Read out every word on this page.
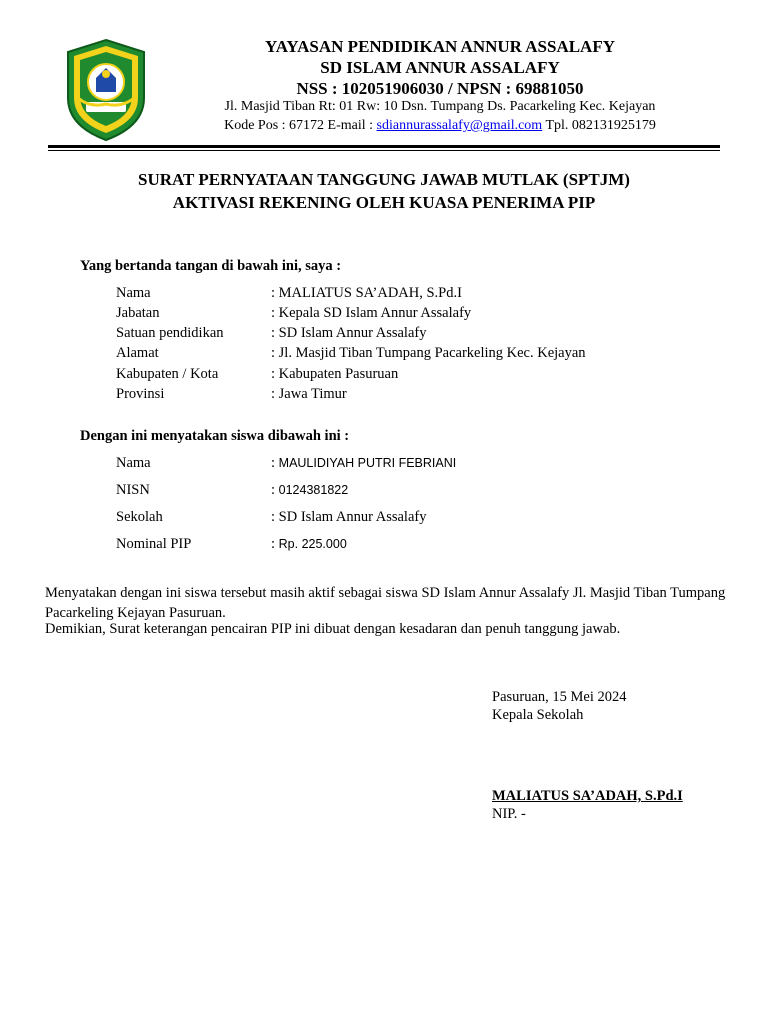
YAYASAN PENDIDIKAN ANNUR ASSALAFY
SD ISLAM ANNUR ASSALAFY
NSS : 102051906030 / NPSN : 69881050
Jl. Masjid Tiban Rt: 01 Rw: 10 Dsn. Tumpang Ds. Pacarkeling Kec. Kejayan
Kode Pos : 67172 E-mail : sdiannurassalafy@gmail.com Tpl. 082131925179
SURAT PERNYATAAN TANGGUNG JAWAB MUTLAK (SPTJM)
AKTIVASI REKENING OLEH KUASA PENERIMA PIP
Yang bertanda tangan di bawah ini, saya :
Nama	: MALIATUS SA’ADAH, S.Pd.I
Jabatan	: Kepala SD Islam Annur Assalafy
Satuan pendidikan	: SD Islam Annur Assalafy
Alamat	: Jl. Masjid Tiban Tumpang Pacarkeling Kec. Kejayan
Kabupaten / Kota	: Kabupaten Pasuruan
Provinsi	: Jawa Timur
Dengan ini menyatakan siswa dibawah ini :
Nama	: MAULIDIYAH PUTRI FEBRIANI
NISN	: 0124381822
Sekolah	: SD Islam Annur Assalafy
Nominal PIP	: Rp. 225.000
Menyatakan dengan ini siswa tersebut masih aktif sebagai siswa SD Islam Annur Assalafy Jl. Masjid Tiban Tumpang Pacarkeling Kejayan Pasuruan.
Demikian, Surat keterangan pencairan PIP ini dibuat dengan kesadaran dan penuh tanggung jawab.
Pasuruan, 15 Mei 2024
Kepala Sekolah
MALIATUS SA’ADAH, S.Pd.I
NIP. -
